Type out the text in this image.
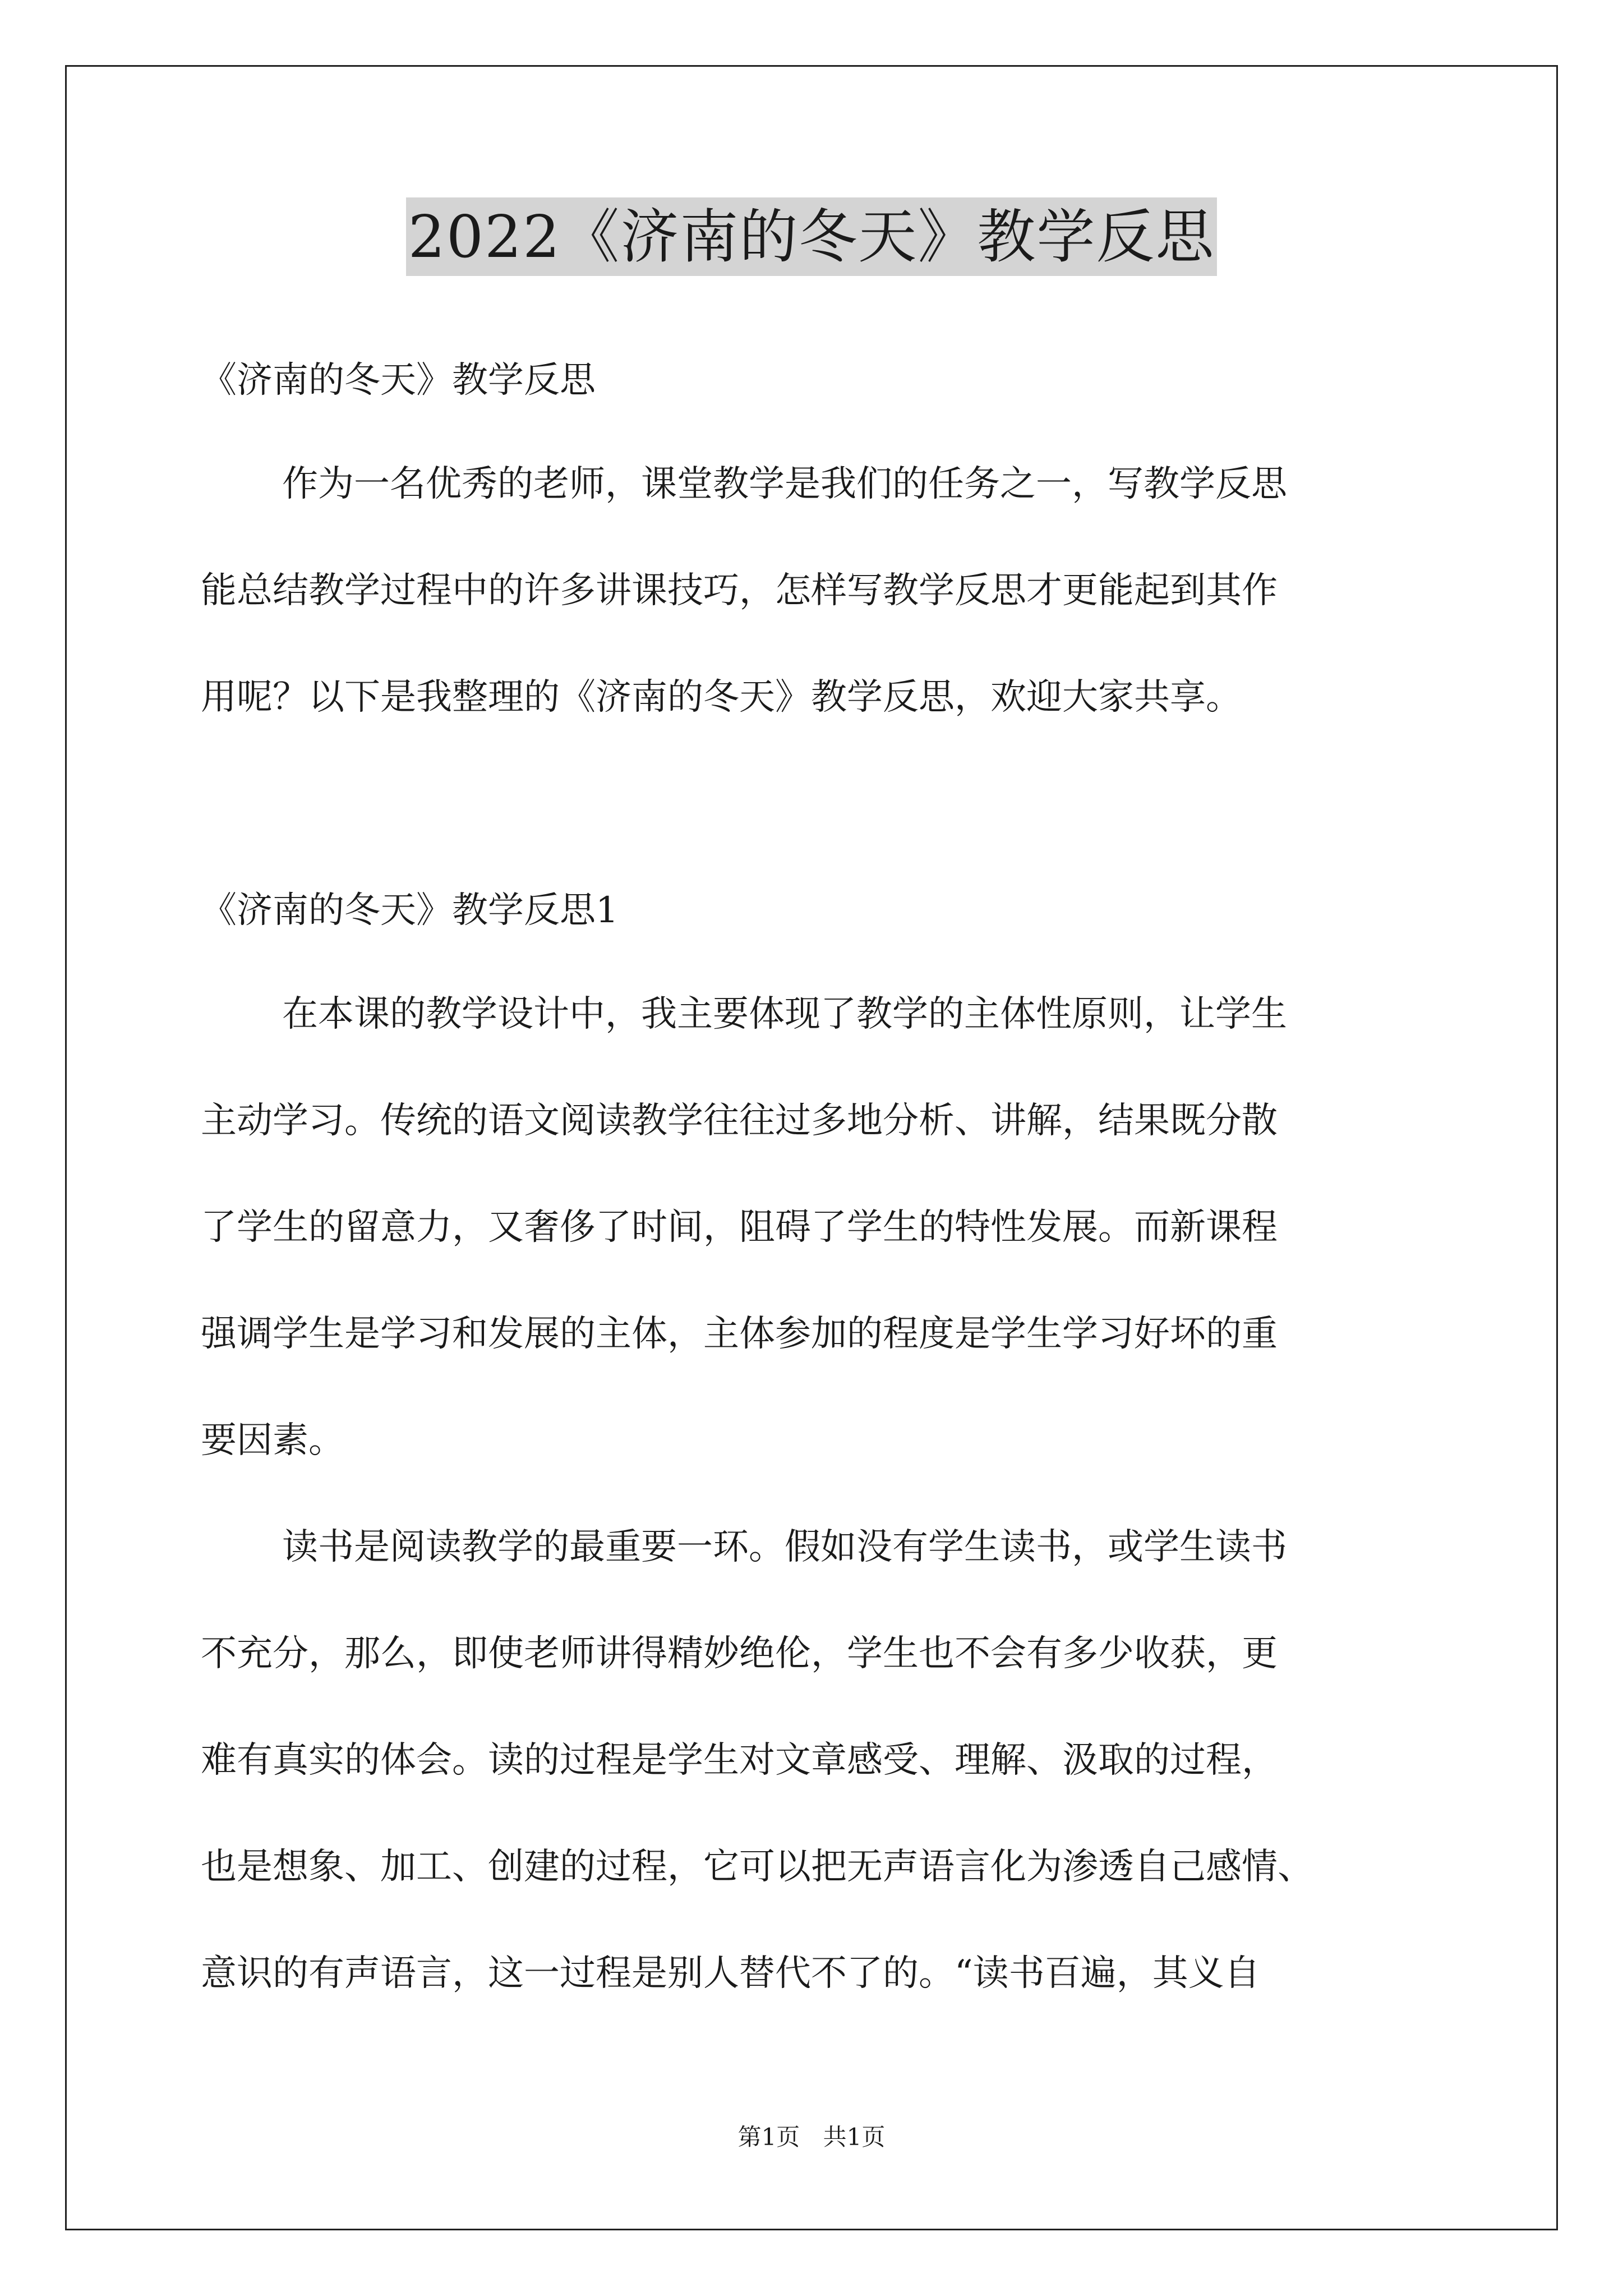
2022《济南的冬天》教学反思
《济南的冬天》教学反思
作为一名优秀的老师，课堂教学是我们的任务之一，写教学反思
能总结教学过程中的许多讲课技巧，怎样写教学反思才更能起到其作
用呢？以下是我整理的《济南的冬天》教学反思，欢迎大家共享。
《济南的冬天》教学反思1
在本课的教学设计中，我主要体现了教学的主体性原则，让学生
主动学习。传统的语文阅读教学往往过多地分析、讲解，结果既分散
了学生的留意力，又奢侈了时间，阻碍了学生的特性发展。而新课程
强调学生是学习和发展的主体，主体参加的程度是学生学习好坏的重
要因素。
读书是阅读教学的最重要一环。假如没有学生读书，或学生读书
不充分，那么，即使老师讲得精妙绝伦，学生也不会有多少收获，更
难有真实的体会。读的过程是学生对文章感受、理解、汲取的过程，
也是想象、加工、创建的过程，它可以把无声语言化为渗透自己感情、
意识的有声语言，这一过程是别人替代不了的。“读书百遍，其义自
第1页 共1页
